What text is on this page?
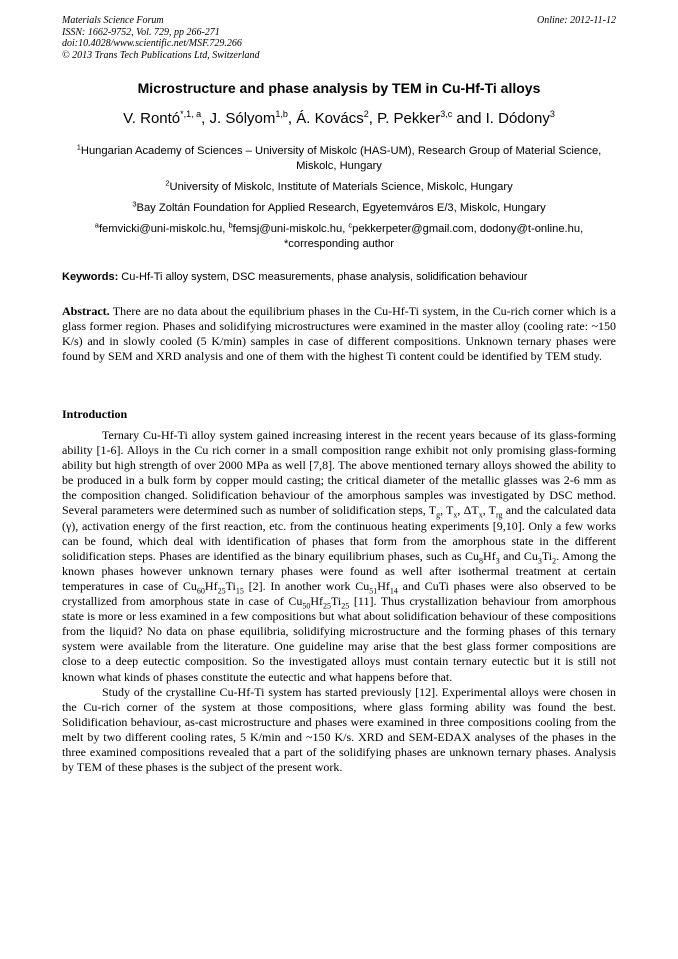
Materials Science Forum
ISSN: 1662-9752, Vol. 729, pp 266-271
doi:10.4028/www.scientific.net/MSF.729.266
© 2013 Trans Tech Publications Ltd, Switzerland
Online: 2012-11-12
Microstructure and phase analysis by TEM in Cu-Hf-Ti alloys
V. Rontó$^{*,1, a}$, J. Sólyom$^{1,b}$, Á. Kovács$^2$, P. Pekker$^{3,c}$ and I. Dódony$^3$
$^1$Hungarian Academy of Sciences – University of Miskolc (HAS-UM), Research Group of Material Science, Miskolc, Hungary
$^2$University of Miskolc, Institute of Materials Science, Miskolc, Hungary
$^3$Bay Zoltán Foundation for Applied Research, Egyetemváros E/3, Miskolc, Hungary
$^a$femvicki@uni-miskolc.hu, $^b$femsj@uni-miskolc.hu, $^c$pekkerpeter@gmail.com, dodony@t-online.hu,
*corresponding author
Keywords: Cu-Hf-Ti alloy system, DSC measurements, phase analysis, solidification behaviour
Abstract. There are no data about the equilibrium phases in the Cu-Hf-Ti system, in the Cu-rich corner which is a glass former region. Phases and solidifying microstructures were examined in the master alloy (cooling rate: ~150 K/s) and in slowly cooled (5 K/min) samples in case of different compositions. Unknown ternary phases were found by SEM and XRD analysis and one of them with the highest Ti content could be identified by TEM study.
Introduction

Ternary Cu-Hf-Ti alloy system gained increasing interest in the recent years because of its glass-forming ability [1-6]. Alloys in the Cu rich corner in a small composition range exhibit not only promising glass-forming ability but high strength of over 2000 MPa as well [7,8]. The above mentioned ternary alloys showed the ability to be produced in a bulk form by copper mould casting; the critical diameter of the metallic glasses was 2-6 mm as the composition changed. Solidification behaviour of the amorphous samples was investigated by DSC method. Several parameters were determined such as number of solidification steps, $T_g$, $T_x$, $\Delta T_x$, $T_{rg}$ and the calculated data (γ), activation energy of the first reaction, etc. from the continuous heating experiments [9,10]. Only a few works can be found, which deal with identification of phases that form from the amorphous state in the different solidification steps. Phases are identified as the binary equilibrium phases, such as $Cu_8Hf_3$ and $Cu_3Ti_2$. Among the known phases however unknown ternary phases were found as well after isothermal treatment at certain temperatures in case of $Cu_{60}Hf_{25}Ti_{15}$ [2]. In another work $Cu_{51}Hf_{14}$ and CuTi phases were also observed to be crystallized from amorphous state in case of $Cu_{50}Hf_{25}Ti_{25}$ [11]. Thus crystallization behaviour from amorphous state is more or less examined in a few compositions but what about solidification behaviour of these compositions from the liquid? No data on phase equilibria, solidifying microstructure and the forming phases of this ternary system were available from the literature. One guideline may arise that the best glass former compositions are close to a deep eutectic composition. So the investigated alloys must contain ternary eutectic but it is still not known what kinds of phases constitute the eutectic and what happens before that.

Study of the crystalline Cu-Hf-Ti system has started previously [12]. Experimental alloys were chosen in the Cu-rich corner of the system at those compositions, where glass forming ability was found the best. Solidification behaviour, as-cast microstructure and phases were examined in three compositions cooling from the melt by two different cooling rates, 5 K/min and ~150 K/s. XRD and SEM-EDAX analyses of the phases in the three examined compositions revealed that a part of the solidifying phases are unknown ternary phases. Analysis by TEM of these phases is the subject of the present work.
